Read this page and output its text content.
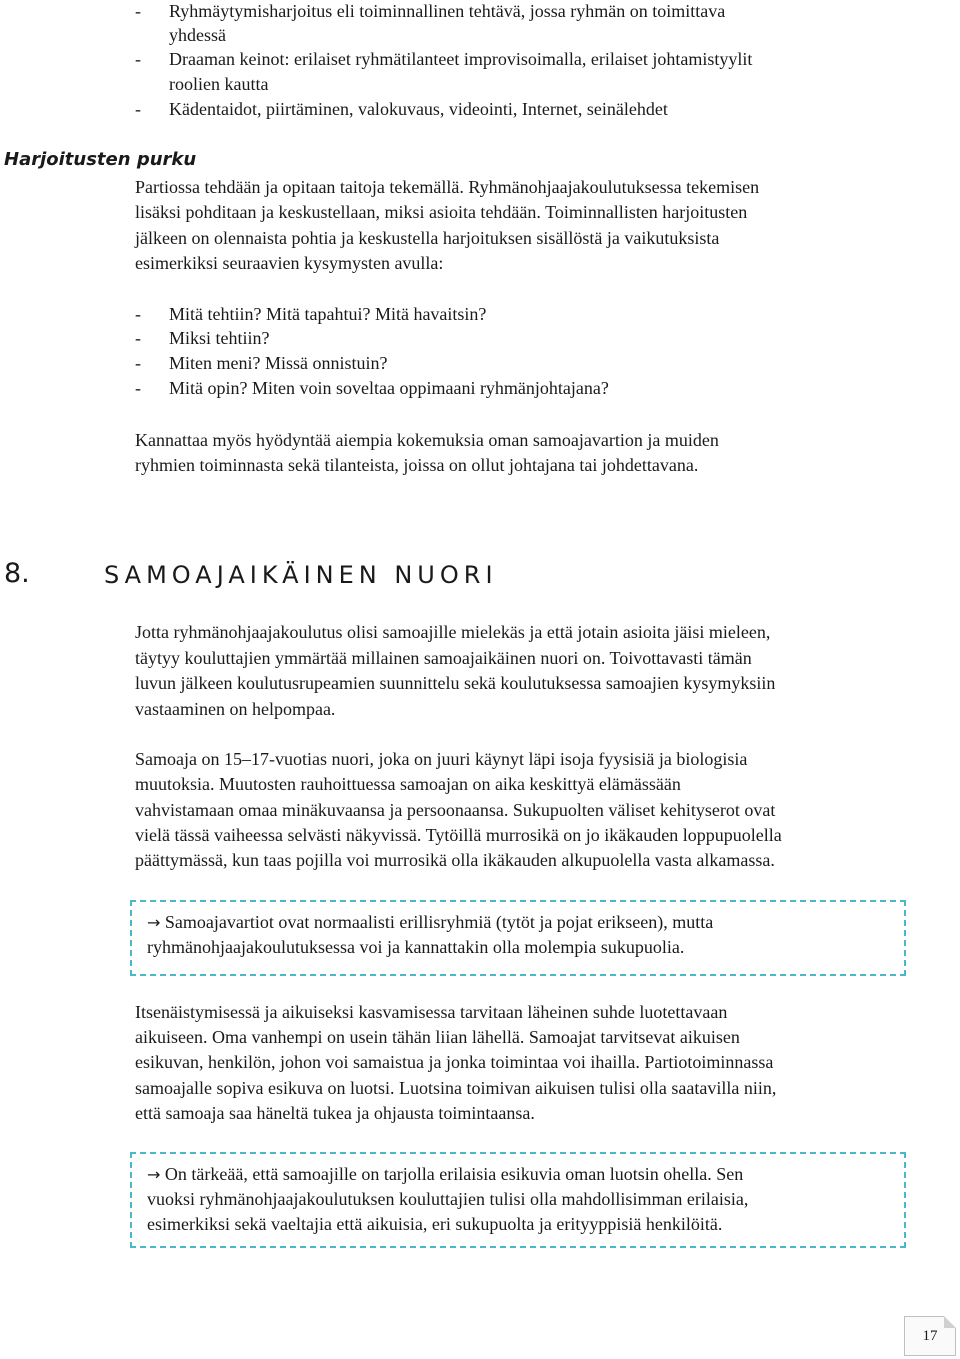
- Ryhmäytymisharjoitus eli toiminnallinen tehtävä, jossa ryhmän on toimittava
yhdessä
- Draaman keinot: erilaiset ryhmätilanteet improvisoimalla, erilaiset johtamistyylit
roolien kautta
- Kädentaidot, piirtäminen, valokuvaus, videointi, Internet, seinälehdet
Harjoitusten purku
Partiossa tehdään ja opitaan taitoja tekemällä. Ryhmänohjaajakoulutuksessa tekemisen
lisäksi pohditaan ja keskustellaan, miksi asioita tehdään. Toiminnallisten harjoitusten
jälkeen on olennaista pohtia ja keskustella harjoituksen sisällöstä ja vaikutuksista
esimerkiksi seuraavien kysymysten avulla:
- Mitä tehtiin? Mitä tapahtui? Mitä havaitsin?
- Miksi tehtiin?
- Miten meni? Missä onnistuin?
- Mitä opin? Miten voin soveltaa oppimaani ryhmänjohtajana?
Kannattaa myös hyödyntää aiempia kokemuksia oman samoajavartion ja muiden
ryhmien toiminnasta sekä tilanteista, joissa on ollut johtajana tai johdettavana.
8.	SAMOAJAIKÄINEN NUORI
Jotta ryhmänohjaajakoulutus olisi samoajille mielekäs ja että jotain asioita jäisi mieleen,
täytyy kouluttajien ymmärtää millainen samoajaikäinen nuori on. Toivottavasti tämän
luvun jälkeen koulutusrupeamien suunnittelu sekä koulutuksessa samoajien kysymyksiin
vastaaminen on helpompaa.
Samoaja on 15–17-vuotias nuori, joka on juuri käynyt läpi isoja fyysisiä ja biologisia
muutoksia. Muutosten rauhoittuessa samoajan on aika keskittyä elämässään
vahvistamaan omaa minäkuvaansa ja persoonaansa. Sukupuolten väliset kehityserot ovat
vielä tässä vaiheessa selvästi näkyvissä. Tytöillä murrosikä on jo ikäkauden loppupuolella
päättymässä, kun taas pojilla voi murrosikä olla ikäkauden alkupuolella vasta alkamassa.
→ Samoajavartiot ovat normaalisti erillisryhmiä (tytöt ja pojat erikseen), mutta
ryhmänohjaajakoulutuksessa voi ja kannattakin olla molempia sukupuolia.
Itsenäistymisessä ja aikuiseksi kasvamisessa tarvitaan läheinen suhde luotettavaan
aikuiseen. Oma vanhempi on usein tähän liian lähellä. Samoajat tarvitsevat aikuisen
esikuvan, henkilön, johon voi samaistua ja jonka toimintaa voi ihailla. Partiotoiminnassa
samoajalle sopiva esikuva on luotsi. Luotsina toimivan aikuisen tulisi olla saatavilla niin,
että samoaja saa häneltä tukea ja ohjausta toimintaansa.
→ On tärkeää, että samoajille on tarjolla erilaisia esikuvia oman luotsin ohella. Sen
vuoksi ryhmänohjaajakoulutuksen kouluttajien tulisi olla mahdollisimman erilaisia,
esimerkiksi sekä vaeltajia että aikuisia, eri sukupuolta ja erityyppisiä henkilöitä.
17
